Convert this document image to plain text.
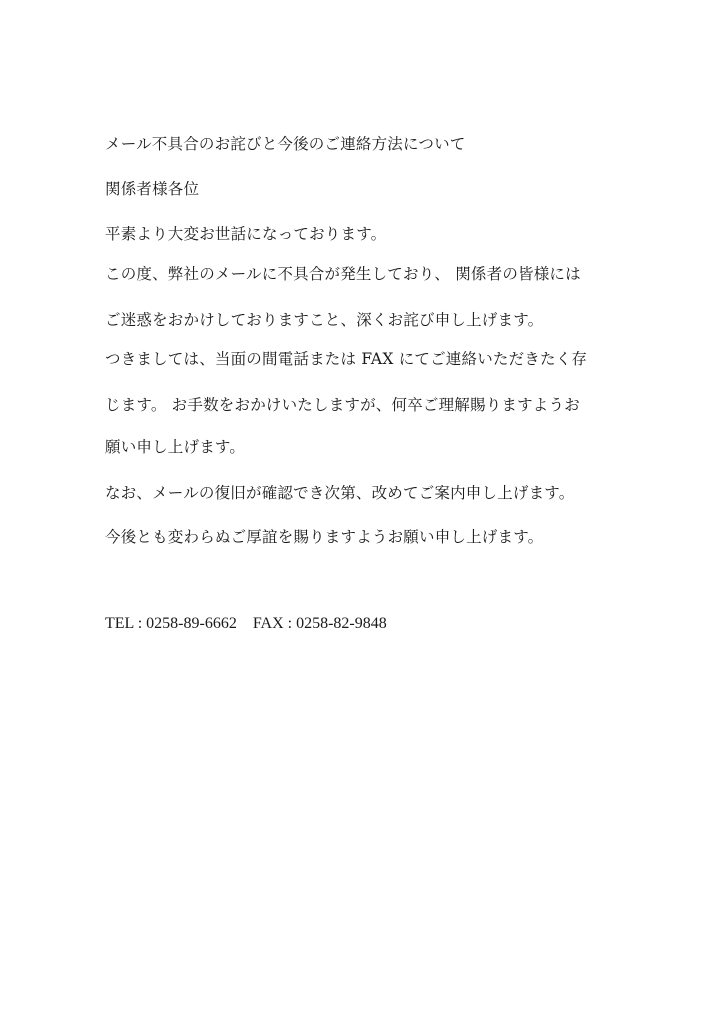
メール不具合のお詫びと今後のご連絡方法について
関係者様各位
平素より大変お世話になっております。
この度、弊社のメールに不具合が発生しており、 関係者の皆様には
ご迷惑をおかけしておりますこと、深くお詫び申し上げます。
つきましては、当面の間電話または FAX にてご連絡いただきたく存
じます。 お手数をおかけいたしますが、何卒ご理解賜りますようお
願い申し上げます。
なお、メールの復旧が確認でき次第、改めてご案内申し上げます。
今後とも変わらぬご厚誼を賜りますようお願い申し上げます。
TEL : 0258-89-6662　FAX : 0258-82-9848
